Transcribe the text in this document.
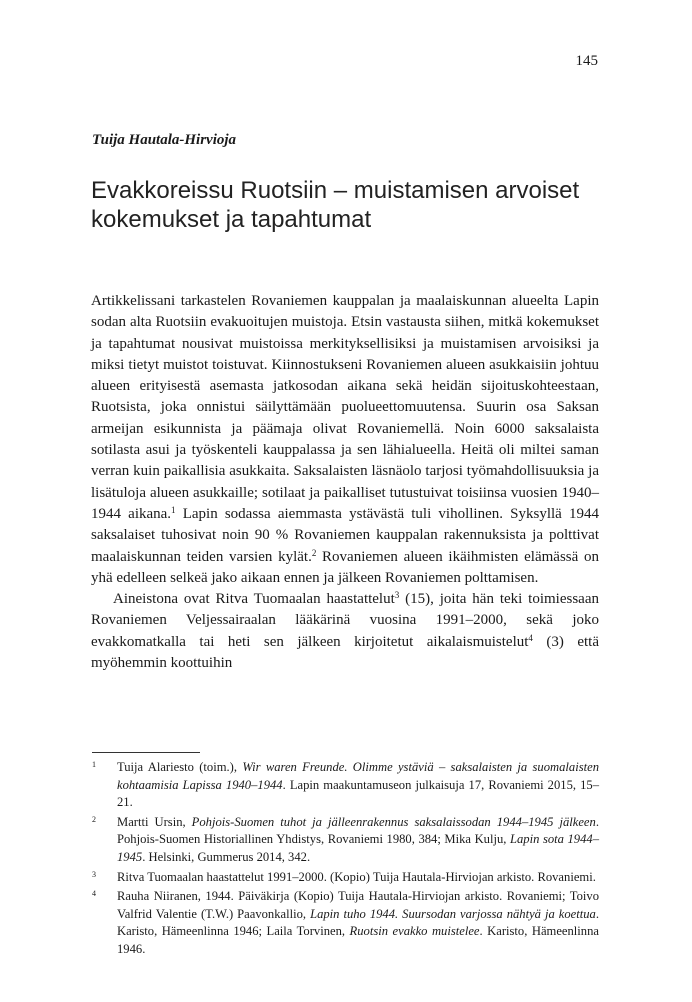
145
Tuija Hautala-Hirvioja
Evakkoreissu Ruotsiin – muistamisen arvoiset
kokemukset ja tapahtumat

Artikkelissani tarkastelen Rovaniemen kauppalan ja maalaiskunnan alueelta Lapin sodan alta Ruotsiin evakuoitujen muistoja. Etsin vastausta siihen, mitkä kokemukset ja tapahtumat nousivat muistoissa merkityksellisiksi ja muistamisen arvoisiksi ja miksi tietyt muistot toistuvat. Kiinnostukseni Rovaniemen alueen asukkaisiin johtuu alueen erityisestä asemasta jatkosodan aikana sekä heidän sijoituskohteestaan, Ruotsista, joka onnistui säilyttämään puolueettomuutensa. Suurin osa Saksan armeijan esikunnista ja päämaja olivat Rovaniemellä. Noin 6000 saksalaista sotilasta asui ja työskenteli kauppalassa ja sen lähialueella. Heitä oli miltei saman verran kuin paikallisia asukkaita. Saksalaisten läsnäolo tarjosi työmahdollisuuksia ja lisätuloja alueen asukkaille; sotilaat ja paikalliset tutustuivat toisiinsa vuosien 1940–1944 aikana.$^1$ Lapin sodassa aiemmasta ystävästä tuli vihollinen. Syksyllä 1944 saksalaiset tuhosivat noin 90 % Rovaniemen kauppalan rakennuksista ja polttivat maalaiskunnan teiden varsien kylät.$^2$ Rovaniemen alueen ikäihmisten elämässä on yhä edelleen selkeä jako aikaan ennen ja jälkeen Rovaniemen polttamisen.

Aineistona ovat Ritva Tuomaalan haastattelut$^3$ (15), joita hän teki toimiessaan Rovaniemen Veljessairaalan lääkärinä vuosina 1991–2000, sekä joko evakkomatkalla tai heti sen jälkeen kirjoitetut aikalaismuistelut$^4$ (3) että myöhemmin koottuihin

1 Tuija Alariesto (toim.), Wir waren Freunde. Olimme ystäviä – saksalaisten ja suomalaisten kohtaamisia Lapissa 1940–1944. Lapin maakuntamuseon julkaisuja 17, Rovaniemi 2015, 15–21.
2 Martti Ursin, Pohjois-Suomen tuhot ja jälleenrakennus saksalaissodan 1944–1945 jälkeen. Pohjois-Suomen Historiallinen Yhdistys, Rovaniemi 1980, 384; Mika Kulju, Lapin sota 1944–1945. Helsinki, Gummerus 2014, 342.
3 Ritva Tuomaalan haastattelut 1991–2000. (Kopio) Tuija Hautala-Hirviojan arkisto. Rovaniemi.
4 Rauha Niiranen, 1944. Päiväkirja (Kopio) Tuija Hautala-Hirviojan arkisto. Rovaniemi; Toivo Valfrid Valentie (T.W.) Paavonkallio, Lapin tuho 1944. Suursodan varjossa nähtyä ja koettua. Karisto, Hämeenlinna 1946; Laila Torvinen, Ruotsin evakko muistelee. Karisto, Hämeenlinna 1946.
